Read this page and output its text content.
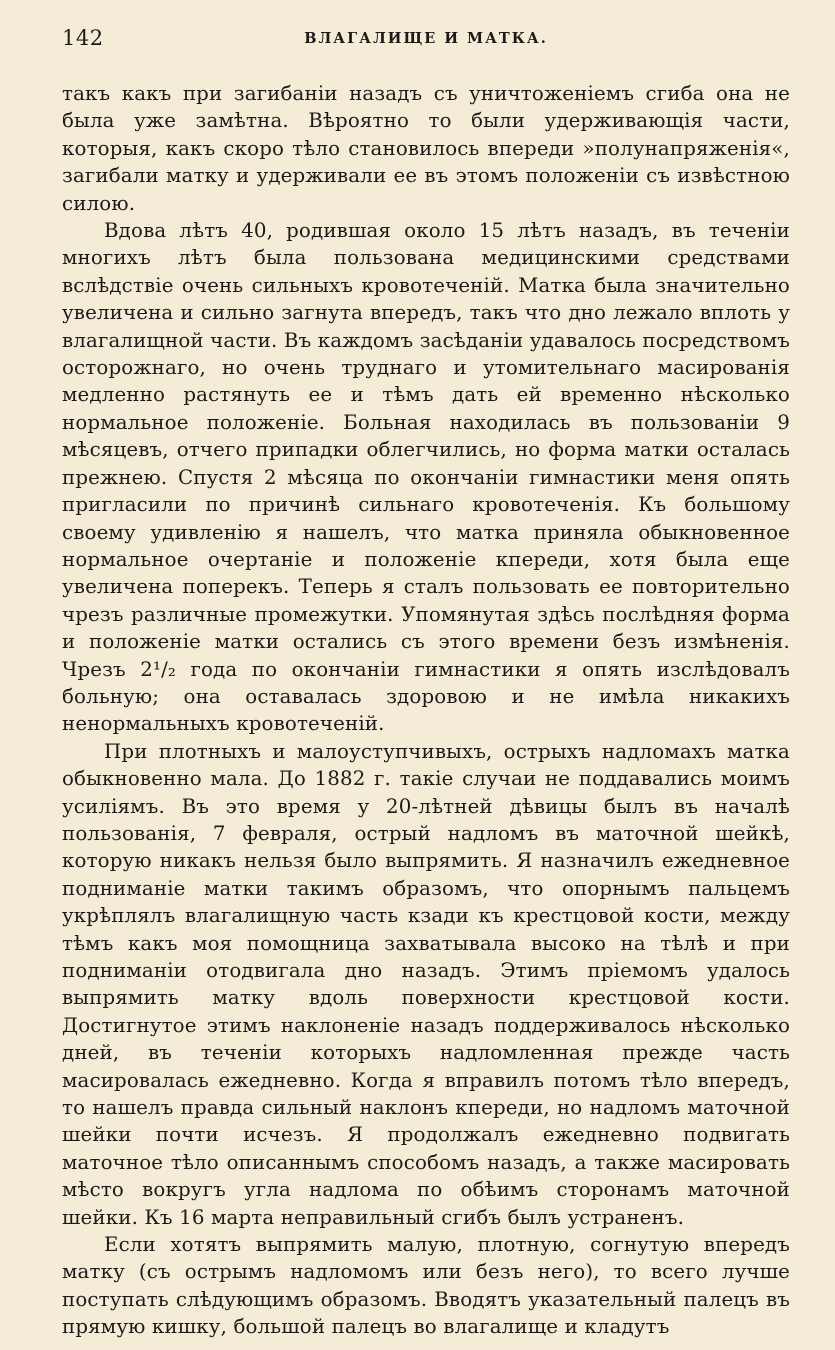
142	ВЛАГАЛИЩЕ И МАТКА.

такъ какъ при загибаніи назадъ съ уничтоженіемъ сгиба она не была уже замѣтна. Вѣроятно то были удерживающія части, которыя, какъ скоро тѣло становилось впереди »полунапряженія«, загибали матку и удерживали ее въ этомъ положеніи съ извѣстною силою.

Вдова лѣтъ 40, родившая около 15 лѣтъ назадъ, въ теченіи многихъ лѣтъ была пользована медицинскими средствами вслѣдствіе очень сильныхъ кровотеченій. Матка была значительно увеличена и сильно загнута впередъ, такъ что дно лежало вплоть у влагалищной части. Въ каждомъ засѣданіи удавалось посредствомъ осторожнаго, но очень труднаго и утомительнаго масированія медленно растянуть ее и тѣмъ дать ей временно нѣсколько нормальное положеніе. Больная находилась въ пользованіи 9 мѣсяцевъ, отчего припадки облегчились, но форма матки осталась прежнею. Спустя 2 мѣсяца по окончаніи гимнастики меня опять пригласили по причинѣ сильнаго кровотеченія. Къ большому своему удивленію я нашелъ, что матка приняла обыкновенное нормальное очертаніе и положеніе кпереди, хотя была еще увеличена поперекъ. Теперь я сталъ пользовать ее повторительно чрезъ различные промежутки. Упомянутая здѣсь послѣдняя форма и положеніе матки остались съ этого времени безъ измѣненія. Чрезъ 2¹/₂ года по окончаніи гимнастики я опять изслѣдовалъ больную; она оставалась здоровою и не имѣла никакихъ ненормальныхъ кровотеченій.

При плотныхъ и малоуступчивыхъ, острыхъ надломахъ матка обыкновенно мала. До 1882 г. такіе случаи не поддавались моимъ усиліямъ. Въ это время у 20-лѣтней дѣвицы былъ въ началѣ пользованія, 7 февраля, острый надломъ въ маточной шейкѣ, которую никакъ нельзя было выпрямить. Я назначилъ ежедневное подниманіе матки такимъ образомъ, что опорнымъ пальцемъ укрѣплялъ влагалищную часть кзади къ крестцовой кости, между тѣмъ какъ моя помощница захватывала высоко на тѣлѣ и при подниманіи отодвигала дно назадъ. Этимъ пріемомъ удалось выпрямить матку вдоль поверхности крестцовой кости. Достигнутое этимъ наклоненіе назадъ поддерживалось нѣсколько дней, въ теченіи которыхъ надломленная прежде часть масировалась ежедневно. Когда я вправилъ потомъ тѣло впередъ, то нашелъ правда сильный наклонъ кпереди, но надломъ маточной шейки почти исчезъ. Я продолжалъ ежедневно подвигать маточное тѣло описаннымъ способомъ назадъ, а также масировать мѣсто вокругъ угла надлома по обѣимъ сторонамъ маточной шейки. Къ 16 марта неправильный сгибъ былъ устраненъ.

Если хотятъ выпрямить малую, плотную, согнутую впередъ матку (съ острымъ надломомъ или безъ него), то всего лучше поступать слѣдующимъ образомъ. Вводятъ указательный палецъ въ прямую кишку, большой палецъ во влагалище и кладутъ
